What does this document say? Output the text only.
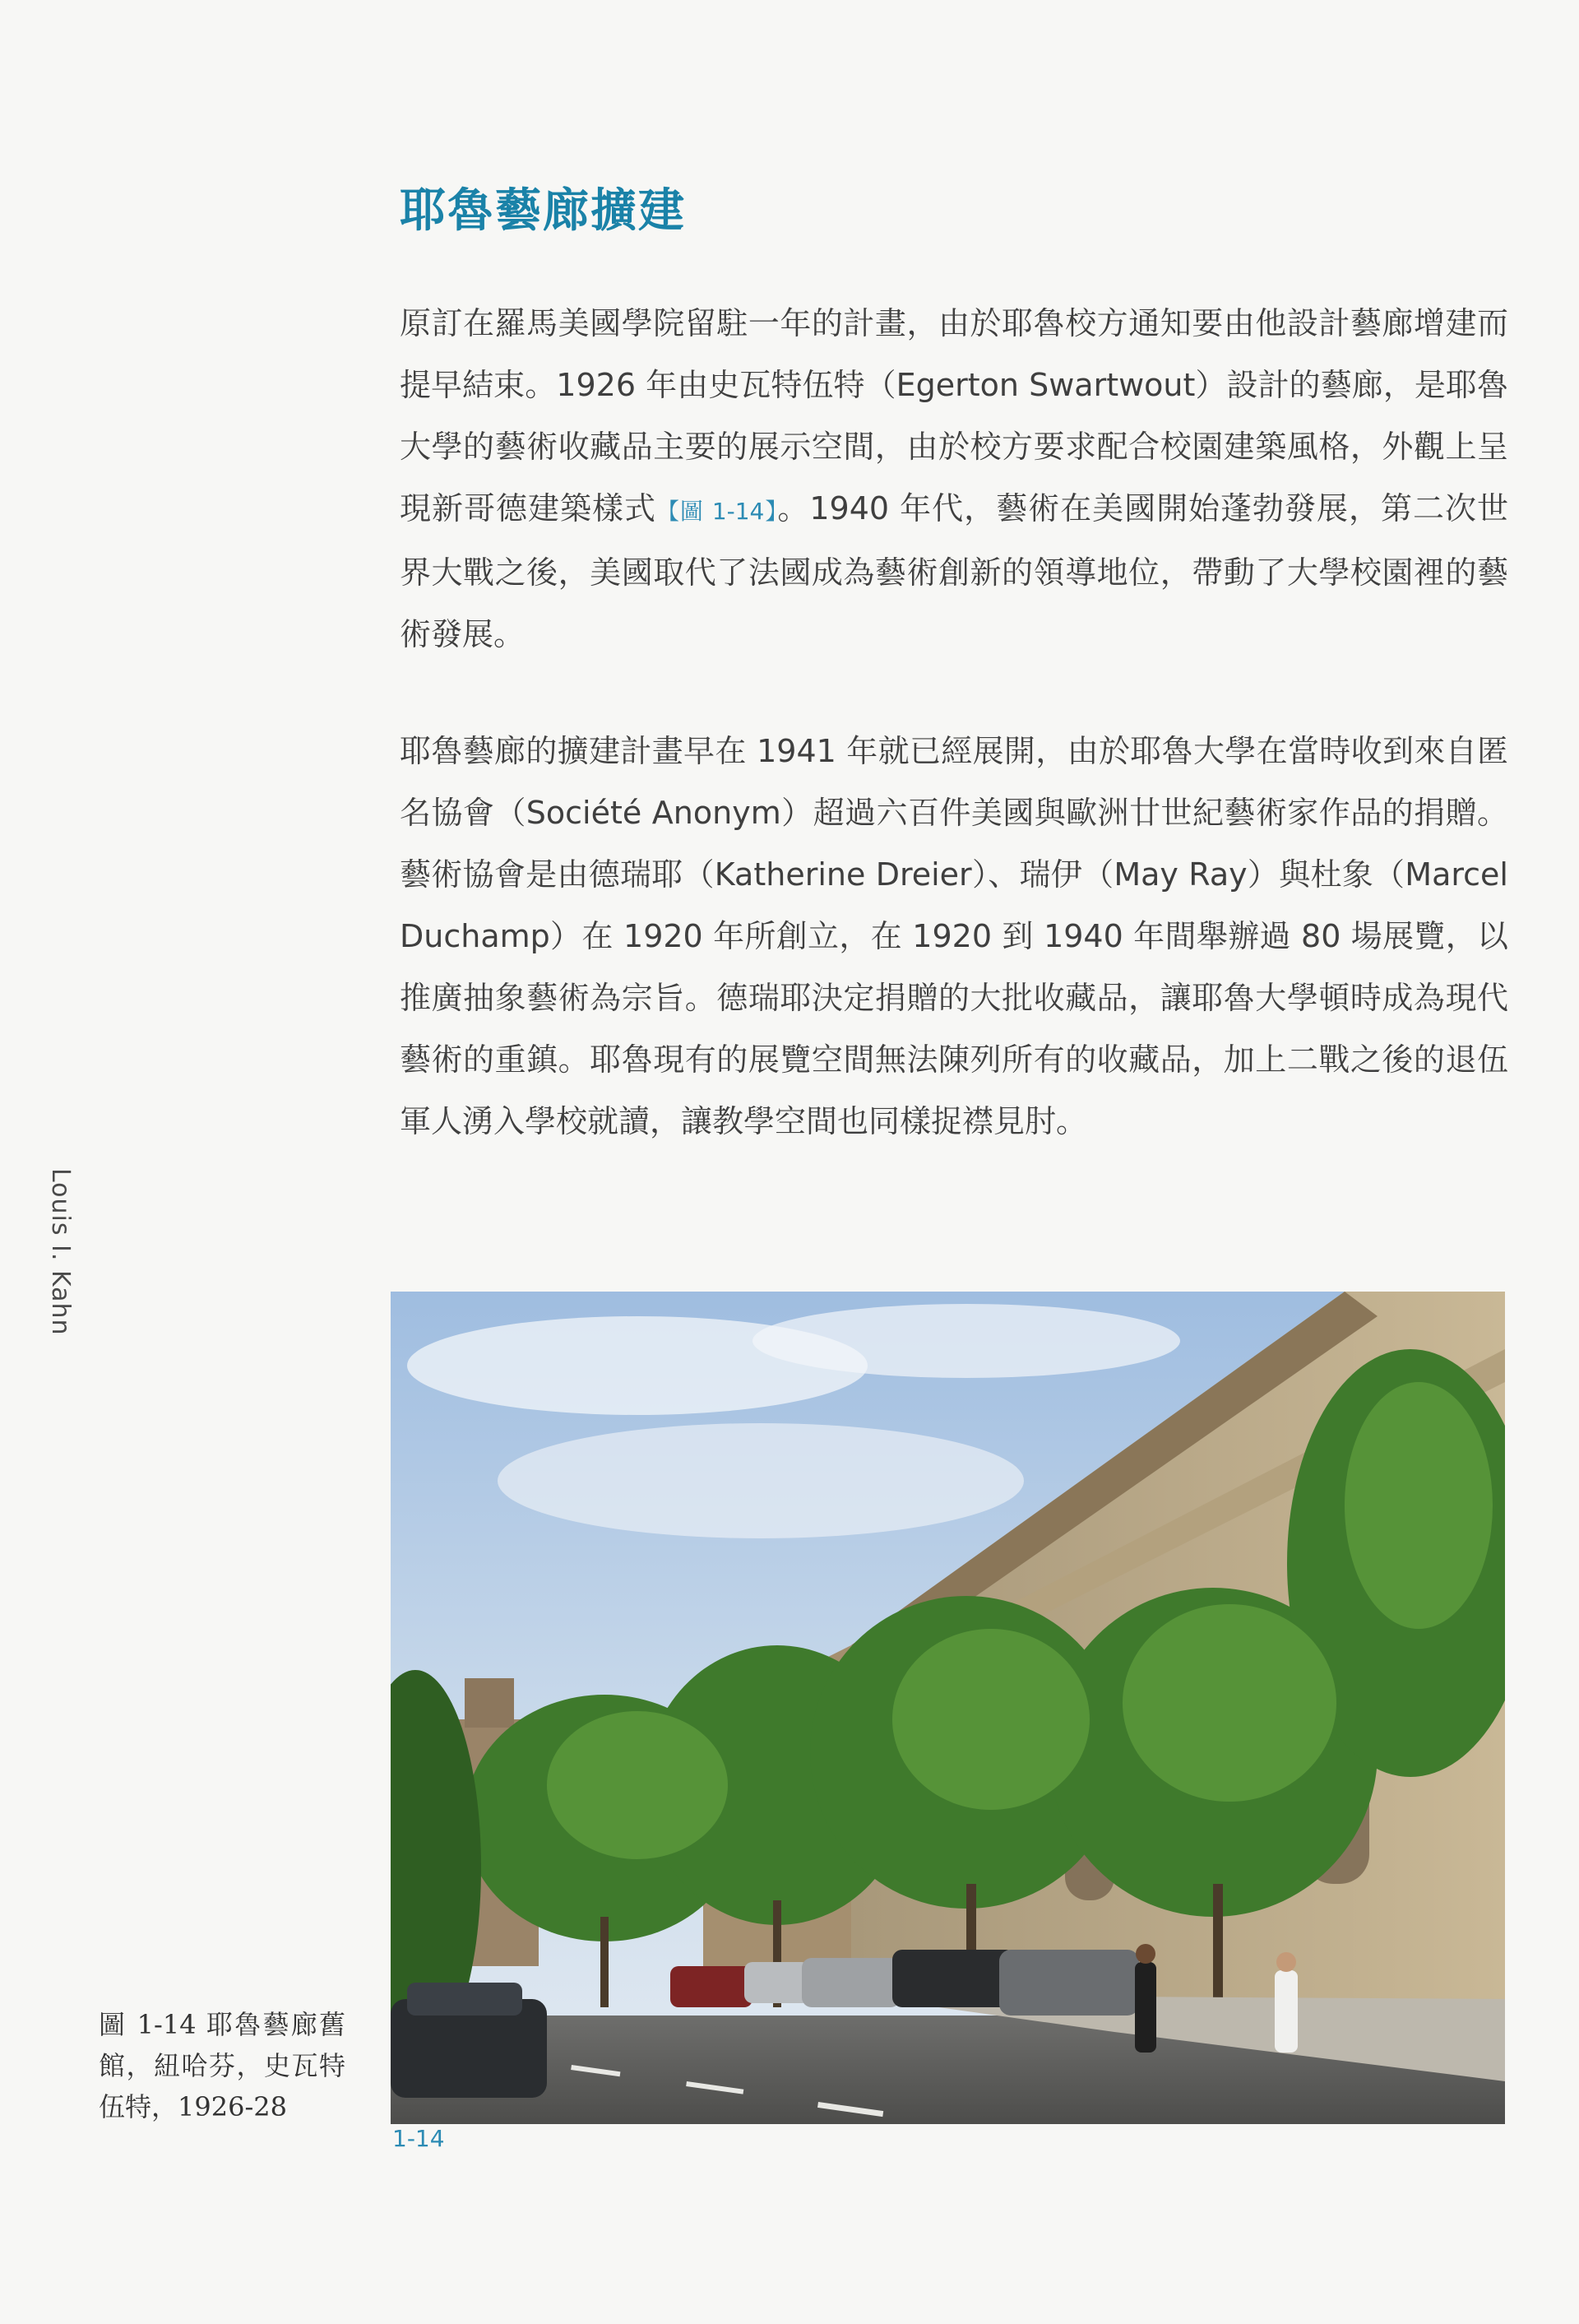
耶魯藝廊擴建

原訂在羅馬美國學院留駐一年的計畫，由於耶魯校方通知要由他設計藝廊增建而提早結束。1926 年由史瓦特伍特（Egerton Swartwout）設計的藝廊，是耶魯大學的藝術收藏品主要的展示空間，由於校方要求配合校園建築風格，外觀上呈現新哥德建築樣式【圖 1-14】。1940 年代，藝術在美國開始蓬勃發展，第二次世界大戰之後，美國取代了法國成為藝術創新的領導地位，帶動了大學校園裡的藝術發展。

耶魯藝廊的擴建計畫早在 1941 年就已經展開，由於耶魯大學在當時收到來自匿名協會（Société Anonym）超過六百件美國與歐洲廿世紀藝術家作品的捐贈。藝術協會是由德瑞耶（Katherine Dreier）、瑞伊（May Ray）與杜象（Marcel Duchamp）在 1920 年所創立，在 1920 到 1940 年間舉辦過 80 場展覽，以推廣抽象藝術為宗旨。德瑞耶決定捐贈的大批收藏品，讓耶魯大學頓時成為現代藝術的重鎮。耶魯現有的展覽空間無法陳列所有的收藏品，加上二戰之後的退伍軍人湧入學校就讀，讓教學空間也同樣捉襟見肘。

Louis I. Kahn
1-14

圖 1-14 耶魯藝廊舊館，紐哈芬，史瓦特伍特，1926-28
